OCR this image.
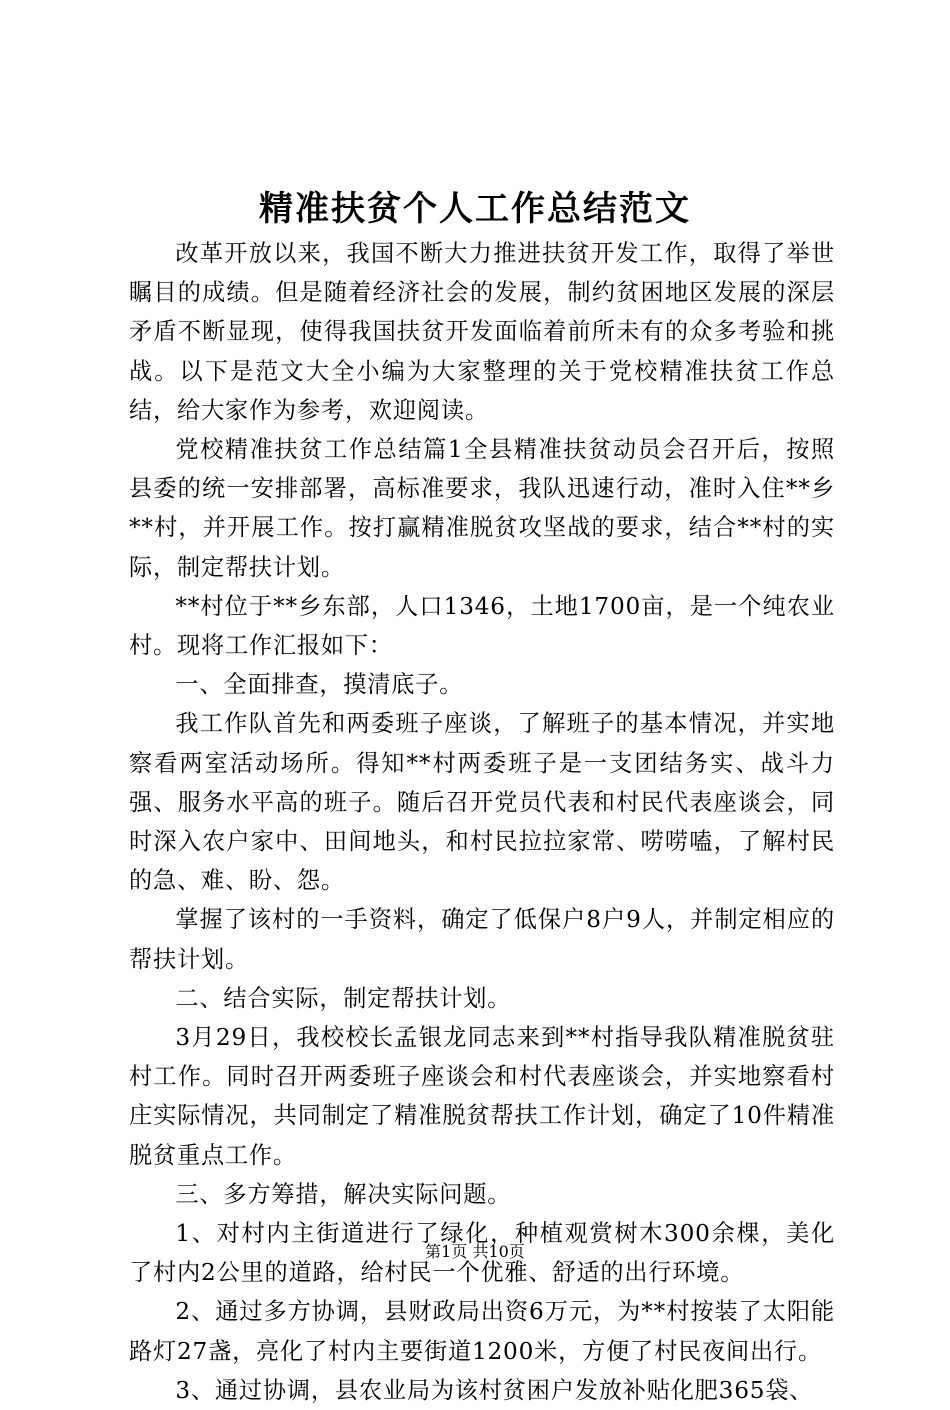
精准扶贫个人工作总结范文

改革开放以来，我国不断大力推进扶贫开发工作，取得了举世瞩目的成绩。但是随着经济社会的发展，制约贫困地区发展的深层矛盾不断显现，使得我国扶贫开发面临着前所未有的众多考验和挑战。以下是范文大全小编为大家整理的关于党校精准扶贫工作总结，给大家作为参考，欢迎阅读。

党校精准扶贫工作总结篇1全县精准扶贫动员会召开后，按照县委的统一安排部署，高标准要求，我队迅速行动，准时入住**乡**村，并开展工作。按打赢精准脱贫攻坚战的要求，结合**村的实际，制定帮扶计划。

**村位于**乡东部，人口1346，土地1700亩，是一个纯农业村。现将工作汇报如下：

一、全面排查，摸清底子。

我工作队首先和两委班子座谈，了解班子的基本情况，并实地察看两室活动场所。得知**村两委班子是一支团结务实、战斗力强、服务水平高的班子。随后召开党员代表和村民代表座谈会，同时深入农户家中、田间地头，和村民拉拉家常、唠唠嗑，了解村民的急、难、盼、怨。

掌握了该村的一手资料，确定了低保户8户9人，并制定相应的帮扶计划。

二、结合实际，制定帮扶计划。

3月29日，我校校长孟银龙同志来到**村指导我队精准脱贫驻村工作。同时召开两委班子座谈会和村代表座谈会，并实地察看村庄实际情况，共同制定了精准脱贫帮扶工作计划，确定了10件精准脱贫重点工作。

三、多方筹措，解决实际问题。

1、对村内主街道进行了绿化，种植观赏树木300余棵，美化了村内2公里的道路，给村民一个优雅、舒适的出行环境。

2、通过多方协调，县财政局出资6万元，为**村按装了太阳能路灯27盏，亮化了村内主要街道1200米，方便了村民夜间出行。

3、通过协调，县农业局为该村贫困户发放补贴化肥365袋、

第1页 共10页
